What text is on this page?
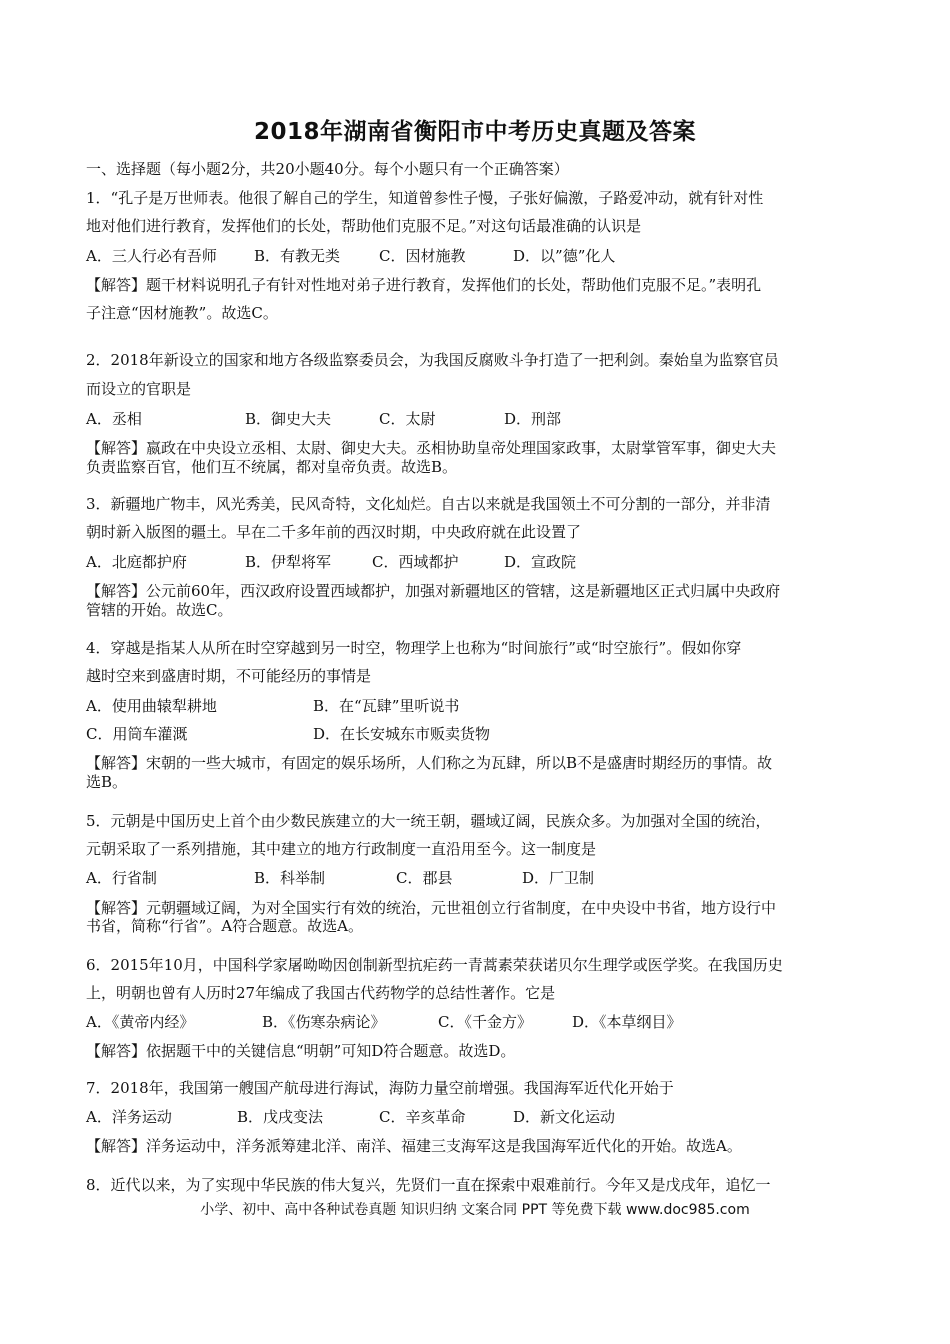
2018年湖南省衡阳市中考历史真题及答案
一、选择题（每小题2分，共20小题40分。每个小题只有一个正确答案）
1．“孔子是万世师表。他很了解自己的学生，知道曾参性子慢，子张好偏激，子路爱冲动，就有针对性
地对他们进行教育，发挥他们的长处，帮助他们克服不足。”对这句话最准确的认识是
A．三人行必有吾师 B．有教无类	C．因材施教	D．以”德”化人
【解答】题干材料说明孔子有针对性地对弟子进行教育，发挥他们的长处，帮助他们克服不足。”表明孔
子注意“因材施教”。故选C。
2．2018年新设立的国家和地方各级监察委员会，为我国反腐败斗争打造了一把利剑。秦始皇为监察官员
而设立的官职是
A．丞相	B．御史大夫	C．太尉	D．刑部
【解答】嬴政在中央设立丞相、太尉、御史大夫。丞相协助皇帝处理国家政事，太尉掌管军事，御史大夫
负责监察百官，他们互不统属，都对皇帝负责。故选B。
3．新疆地广物丰，风光秀美，民风奇特，文化灿烂。自古以来就是我国领土不可分割的一部分，并非清
朝时新入版图的疆土。早在二千多年前的西汉时期，中央政府就在此设置了
A．北庭都护府	B．伊犁将军	C．西域都护	D．宣政院
【解答】公元前60年，西汉政府设置西域都护，加强对新疆地区的管辖，这是新疆地区正式归属中央政府
管辖的开始。故选C。
4．穿越是指某人从所在时空穿越到另一时空，物理学上也称为“时间旅行”或“时空旅行”。假如你穿
越时空来到盛唐时期，不可能经历的事情是
A．使用曲辕犁耕地	B．在“瓦肆”里听说书
C．用筒车灌溉	D．在长安城东市贩卖货物
【解答】宋朝的一些大城市，有固定的娱乐场所，人们称之为瓦肆，所以B不是盛唐时期经历的事情。故
选B。
5．元朝是中国历史上首个由少数民族建立的大一统王朝，疆域辽阔，民族众多。为加强对全国的统治，
元朝采取了一系列措施，其中建立的地方行政制度一直沿用至今。这一制度是
A．行省制	B．科举制	C．郡县	D．厂卫制
【解答】元朝疆域辽阔，为对全国实行有效的统治，元世祖创立行省制度，在中央设中书省，地方设行中
书省，简称“行省”。A符合题意。故选A。
6．2015年10月，中国科学家屠呦呦因创制新型抗疟药一青蒿素荣获诺贝尔生理学或医学奖。在我国历史
上，明朝也曾有人历时27年编成了我国古代药物学的总结性著作。它是
A．《黄帝内经》	B．《伤寒杂病论》	C．《千金方》	D．《本草纲目》
【解答】依据题干中的关键信息“明朝”可知D符合题意。故选D。
7．2018年，我国第一艘国产航母进行海试，海防力量空前增强。我国海军近代化开始于
A．洋务运动	B．戊戌变法	C．辛亥革命	D．新文化运动
【解答】洋务运动中，洋务派筹建北洋、南洋、福建三支海军这是我国海军近代化的开始。故选A。
8．近代以来，为了实现中华民族的伟大复兴，先贤们一直在探索中艰难前行。今年又是戊戌年，追忆一
小学、初中、高中各种试卷真题 知识归纳 文案合同 PPT 等免费下载 www.doc985.com
